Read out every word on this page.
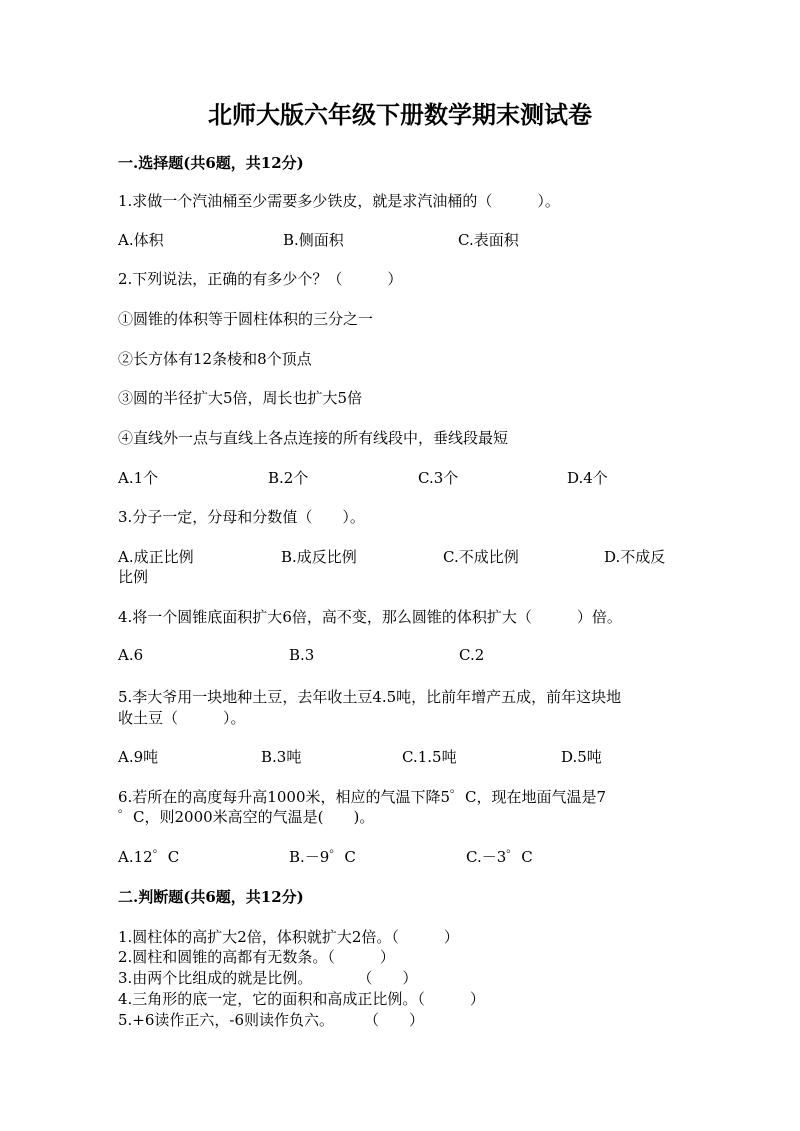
北师大版六年级下册数学期末测试卷
一.选择题(共6题，共12分)
1.求做一个汽油桶至少需要多少铁皮，就是求汽油桶的（　　　）。
A.体积	B.侧面积	C.表面积
2.下列说法，正确的有多少个？（　　　）
①圆锥的体积等于圆柱体积的三分之一
②长方体有12条棱和8个顶点
③圆的半径扩大5倍，周长也扩大5倍
④直线外一点与直线上各点连接的所有线段中，垂线段最短
A.1个	B.2个	C.3个	D.4个
3.分子一定，分母和分数值（　　）。
A.成正比例	B.成反比例	C.不成比例	D.不成反
比例
4.将一个圆锥底面积扩大6倍，高不变，那么圆锥的体积扩大（　　　）倍。
A.6	B.3	C.2
5.李大爷用一块地种土豆，去年收土豆4.5吨，比前年增产五成，前年这块地
收土豆（　　　）。
A.9吨	B.3吨	C.1.5吨	D.5吨
6.若所在的高度每升高1000米，相应的气温下降5゜C，现在地面气温是7
゜C，则2000米高空的气温是(　　)。
A.12゜C	B.－9゜C	C.－3゜C
二.判断题(共6题，共12分)
1.圆柱体的高扩大2倍，体积就扩大2倍。（　　　）
2.圆柱和圆锥的高都有无数条。（　　　）
3.由两个比组成的就是比例。　　　　（　　）
4.三角形的底一定，它的面积和高成正比例。（　　　）
5.+6读作正六，-6则读作负六。　　　（　　）
